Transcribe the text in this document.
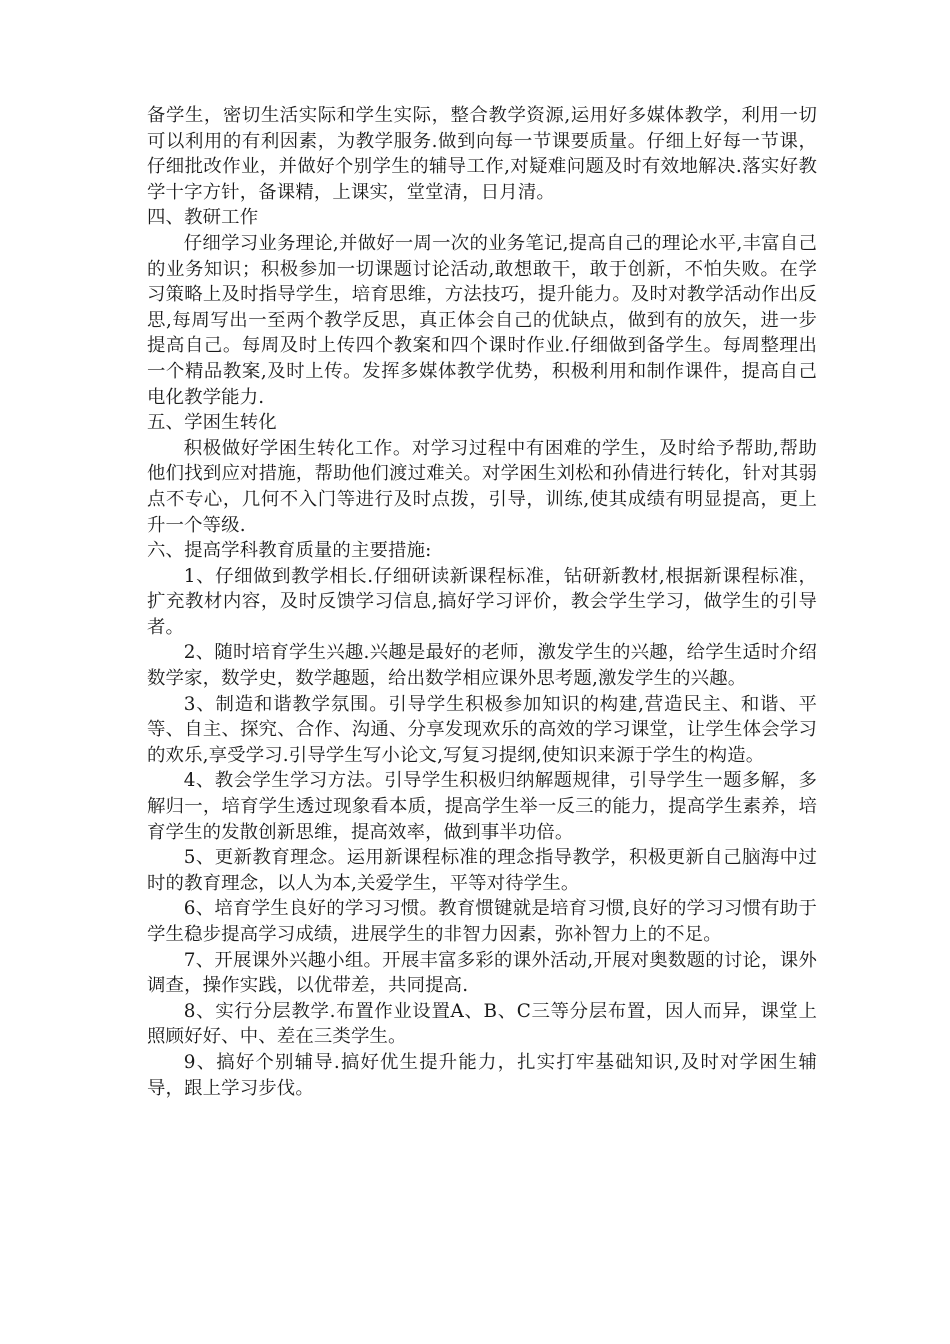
备学生，密切生活实际和学生实际，整合教学资源,运用好多媒体教学，利用一切可以利用的有利因素，为教学服务.做到向每一节课要质量。仔细上好每一节课，仔细批改作业，并做好个别学生的辅导工作,对疑难问题及时有效地解决.落实好教学十字方针，备课精，上课实，堂堂清，日月清。

四、教研工作

仔细学习业务理论,并做好一周一次的业务笔记,提高自己的理论水平,丰富自己的业务知识；积极参加一切课题讨论活动,敢想敢干，敢于创新，不怕失败。在学习策略上及时指导学生，培育思维，方法技巧，提升能力。及时对教学活动作出反思,每周写出一至两个教学反思，真正体会自己的优缺点，做到有的放矢，进一步提高自己。每周及时上传四个教案和四个课时作业.仔细做到备学生。每周整理出一个精品教案,及时上传。发挥多媒体教学优势，积极利用和制作课件，提高自己电化教学能力.

五、学困生转化

积极做好学困生转化工作。对学习过程中有困难的学生，及时给予帮助,帮助他们找到应对措施，帮助他们渡过难关。对学困生刘松和孙倩进行转化，针对其弱点不专心，几何不入门等进行及时点拨，引导，训练,使其成绩有明显提高，更上升一个等级.

六、提高学科教育质量的主要措施:

1、仔细做到教学相长.仔细研读新课程标准，钻研新教材,根据新课程标准，扩充教材内容，及时反馈学习信息,搞好学习评价，教会学生学习，做学生的引导者。

2、随时培育学生兴趣.兴趣是最好的老师，激发学生的兴趣，给学生适时介绍数学家，数学史，数学趣题，给出数学相应课外思考题,激发学生的兴趣。

3、制造和谐教学氛围。引导学生积极参加知识的构建,营造民主、和谐、平等、自主、探究、合作、沟通、分享发现欢乐的高效的学习课堂，让学生体会学习的欢乐,享受学习.引导学生写小论文,写复习提纲,使知识来源于学生的构造。

4、教会学生学习方法。引导学生积极归纳解题规律，引导学生一题多解，多解归一，培育学生透过现象看本质，提高学生举一反三的能力，提高学生素养，培育学生的发散创新思维，提高效率，做到事半功倍。

5、更新教育理念。运用新课程标准的理念指导教学，积极更新自己脑海中过时的教育理念，以人为本,关爱学生，平等对待学生。

6、培育学生良好的学习习惯。教育惯键就是培育习惯,良好的学习习惯有助于学生稳步提高学习成绩，进展学生的非智力因素，弥补智力上的不足。

7、开展课外兴趣小组。开展丰富多彩的课外活动,开展对奥数题的讨论，课外调查，操作实践，以优带差，共同提高.

8、实行分层教学.布置作业设置A、B、C三等分层布置，因人而异，课堂上照顾好好、中、差在三类学生。

9、搞好个别辅导.搞好优生提升能力，扎实打牢基础知识,及时对学困生辅导，跟上学习步伐。
